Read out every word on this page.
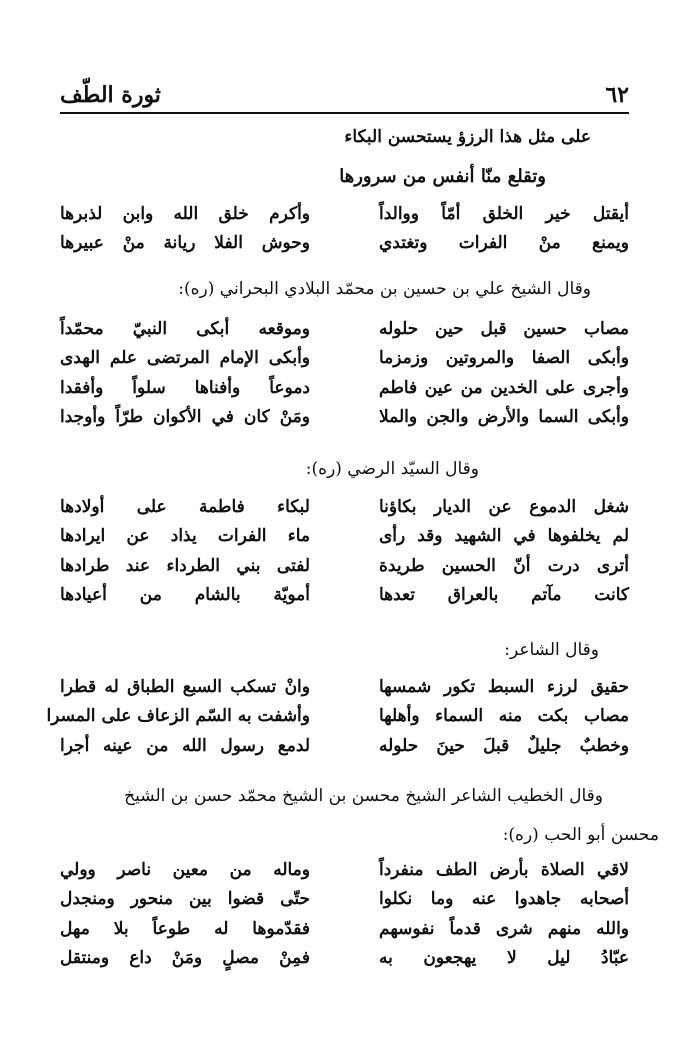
٦٢
ثورة الطّف
على مثل هذا الرزؤ يستحسن البكاء
وتقلع منّا أنفس من سرورها
أيقتل خير الخلق أمّاً ووالداً
وأكرم خلق الله وابن لذبرها
ويمنع منْ الفرات وتغتدي
وحوش الفلا ريانة منْ عبيرها
وقال الشيخ علي بن حسين بن محمّد البلادي البحراني (ره):
مصاب حسين قبل حين حلوله
وموقعه أبكى النبيّ محمّداً
وأبكى الصفا والمروتين وزمزما
وأبكى الإمام المرتضى علم الهدى
وأجرى على الخدين من عين فاطم
دموعاً وأفناها سلواً وأفقدا
وأبكى السما والأرض والجن والملا
ومَنْ كان في الأكوان طرّاً وأوجدا
وقال السيّد الرضي (ره):
شغل الدموع عن الديار بكاؤنا
لبكاء فاطمة على أولادها
لم يخلفوها في الشهيد وقد رأى
ماء الفرات يذاد عن ايرادها
أترى درت أنّ الحسين طريدة
لفتى بني الطرداء عند طرادها
كانت مآتم بالعراق تعدها
أمويّة بالشام من أعيادها
وقال الشاعر:
حقيق لرزء السبط تكور شمسها
وانْ تسكب السبع الطباق له قطرا
مصاب بكت منه السماء وأهلها
وأشفت به السّم الزعاف على المسرا
وخطبٌ جليلٌ قبلَ حينَ حلوله
لدمع رسول الله من عينه أجرا
وقال الخطيب الشاعر الشيخ محسن بن الشيخ محمّد حسن بن الشيخ
محسن أبو الحب (ره):
لاقي الصلاة بأرض الطف منفرداً
وماله من معين ناصر وولي
أصحابه جاهدوا عنه وما نكلوا
حتّى قضوا بين منحور ومنجدل
والله منهم شرى قدماً نفوسهم
فقدّموها له طوعاً بلا مهل
عبّادُ ليل لا يهجعون به
فمِنْ مصلٍ ومَنْ داع ومنتقل
